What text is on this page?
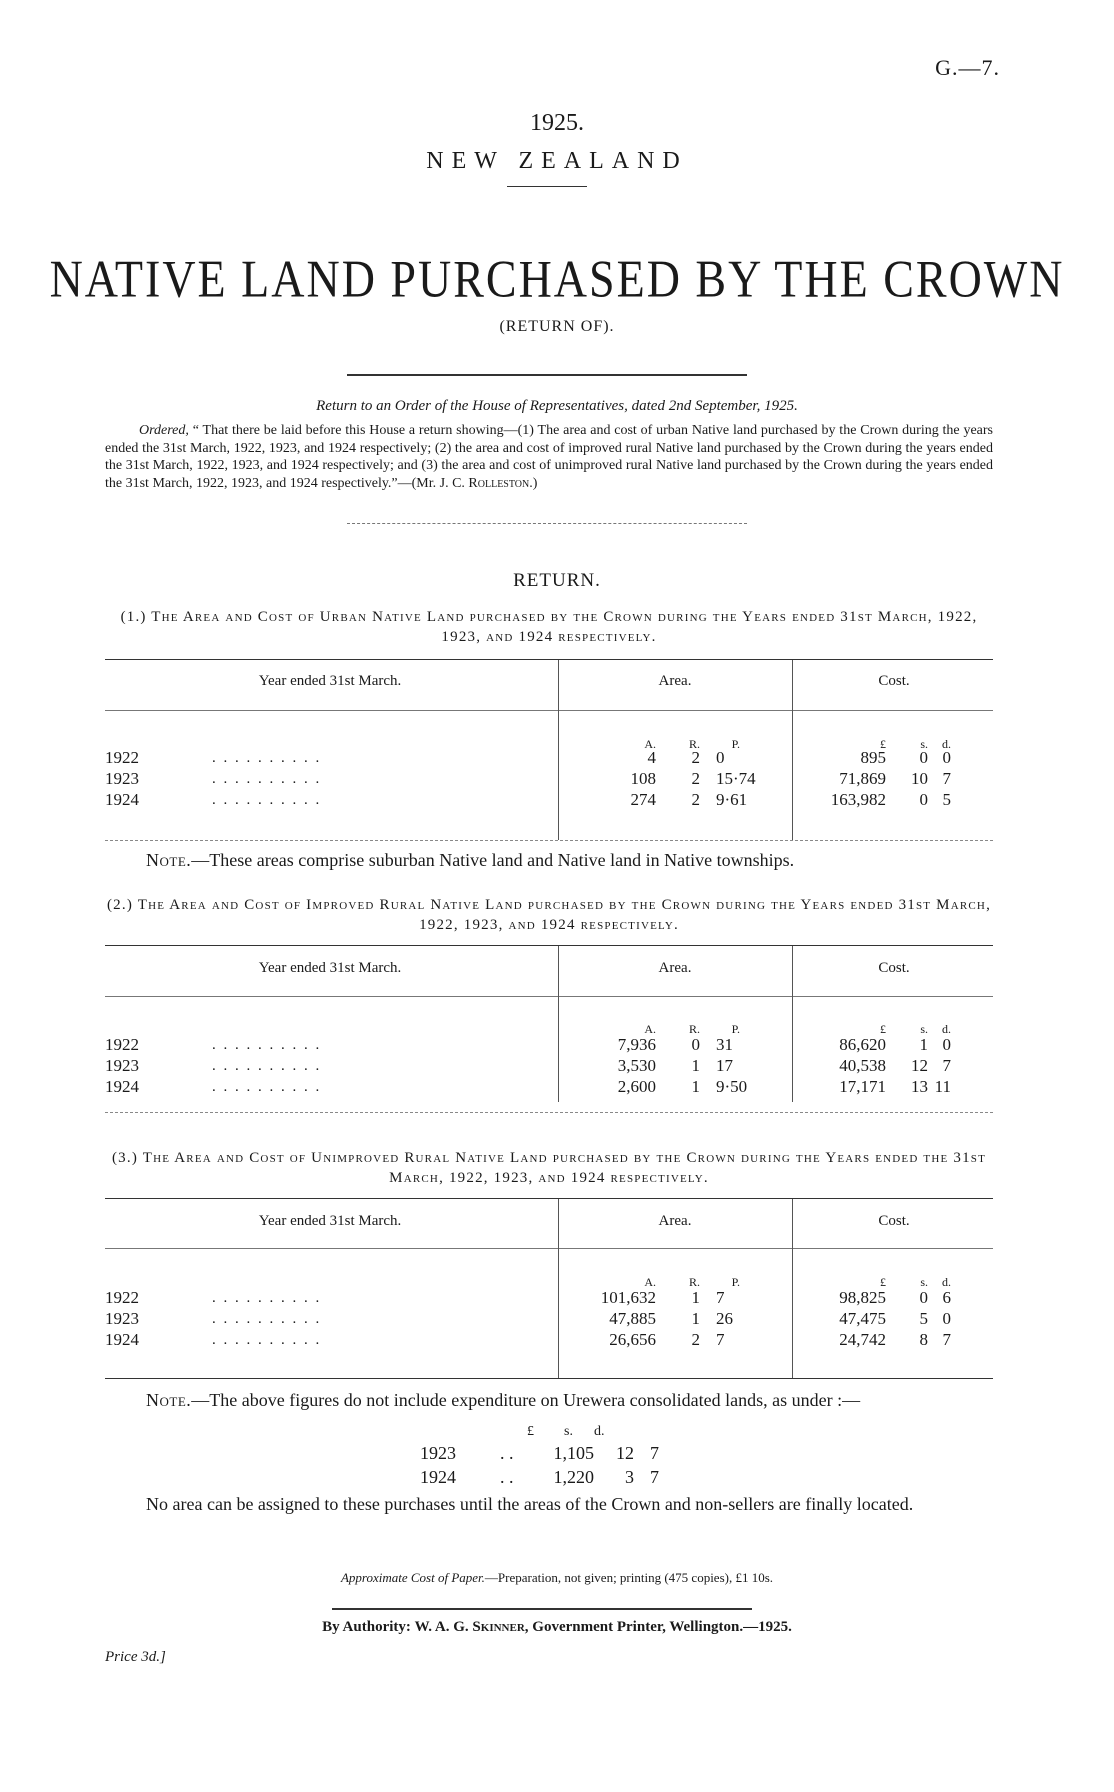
G.—7.
1925.
NEW ZEALAND
NATIVE LAND PURCHASED BY THE CROWN
(RETURN OF).
Return to an Order of the House of Representatives, dated 2nd September, 1925.
Ordered, “ That there be laid before this House a return showing—(1) The area and cost of urban Native land purchased by the Crown during the years ended the 31st March, 1922, 1923, and 1924 respectively; (2) the area and cost of improved rural Native land purchased by the Crown during the years ended the 31st March, 1922, 1923, and 1924 respectively; and (3) the area and cost of unimproved rural Native land purchased by the Crown during the years ended the 31st March, 1922, 1923, and 1924 respectively.”—(Mr. J. C. Rolleston.)
RETURN.
(1.) The Area and Cost of Urban Native Land purchased by the Crown during the Years ended 31st March, 1922, 1923, and 1924 respectively.
Year ended 31st March.	Area.	Cost.
A.	R.	P.	£	s. d.
1922	. . . . . . . . . .	4 2 0	895 0 0
1923	. . . . . . . . . .	108 2 15·74	71,869 10 7
1924	. . . . . . . . . .	274 2 9·61	163,982 0 5
Note.—These areas comprise suburban Native land and Native land in Native townships.
(2.) The Area and Cost of Improved Rural Native Land purchased by the Crown during the Years ended 31st March, 1922, 1923, and 1924 respectively.
Year ended 31st March.	Area.	Cost.
A.	R.	P.	£	s. d.
1922	. . . . . . . . . .	7,936 0 31	86,620 1 0
1923	. . . . . . . . . .	3,530 1 17	40,538 12 7
1924	. . . . . . . . . .	2,600 1 9·50	17,171 13 11
(3.) The Area and Cost of Unimproved Rural Native Land purchased by the Crown during the Years ended the 31st March, 1922, 1923, and 1924 respectively.
Year ended 31st March.	Area.	Cost.
A.	R.	P.	£	s. d.
1922	. . . . . . . . . .	101,632 1 7	98,825 0 6
1923	. . . . . . . . . .	47,885 1 26	47,475 5 0
1924	. . . . . . . . . .	26,656 2 7	24,742 8 7
Note.—The above figures do not include expenditure on Urewera consolidated lands, as under :—
£ s. d.
1923 . . 1,105 12 7
1924 . . 1,220 3 7
No area can be assigned to these purchases until the areas of the Crown and non-sellers are finally located.
Approximate Cost of Paper.—Preparation, not given; printing (475 copies), £1 10s.
By Authority: W. A. G. Skinner, Government Printer, Wellington.—1925.
Price 3d.]
